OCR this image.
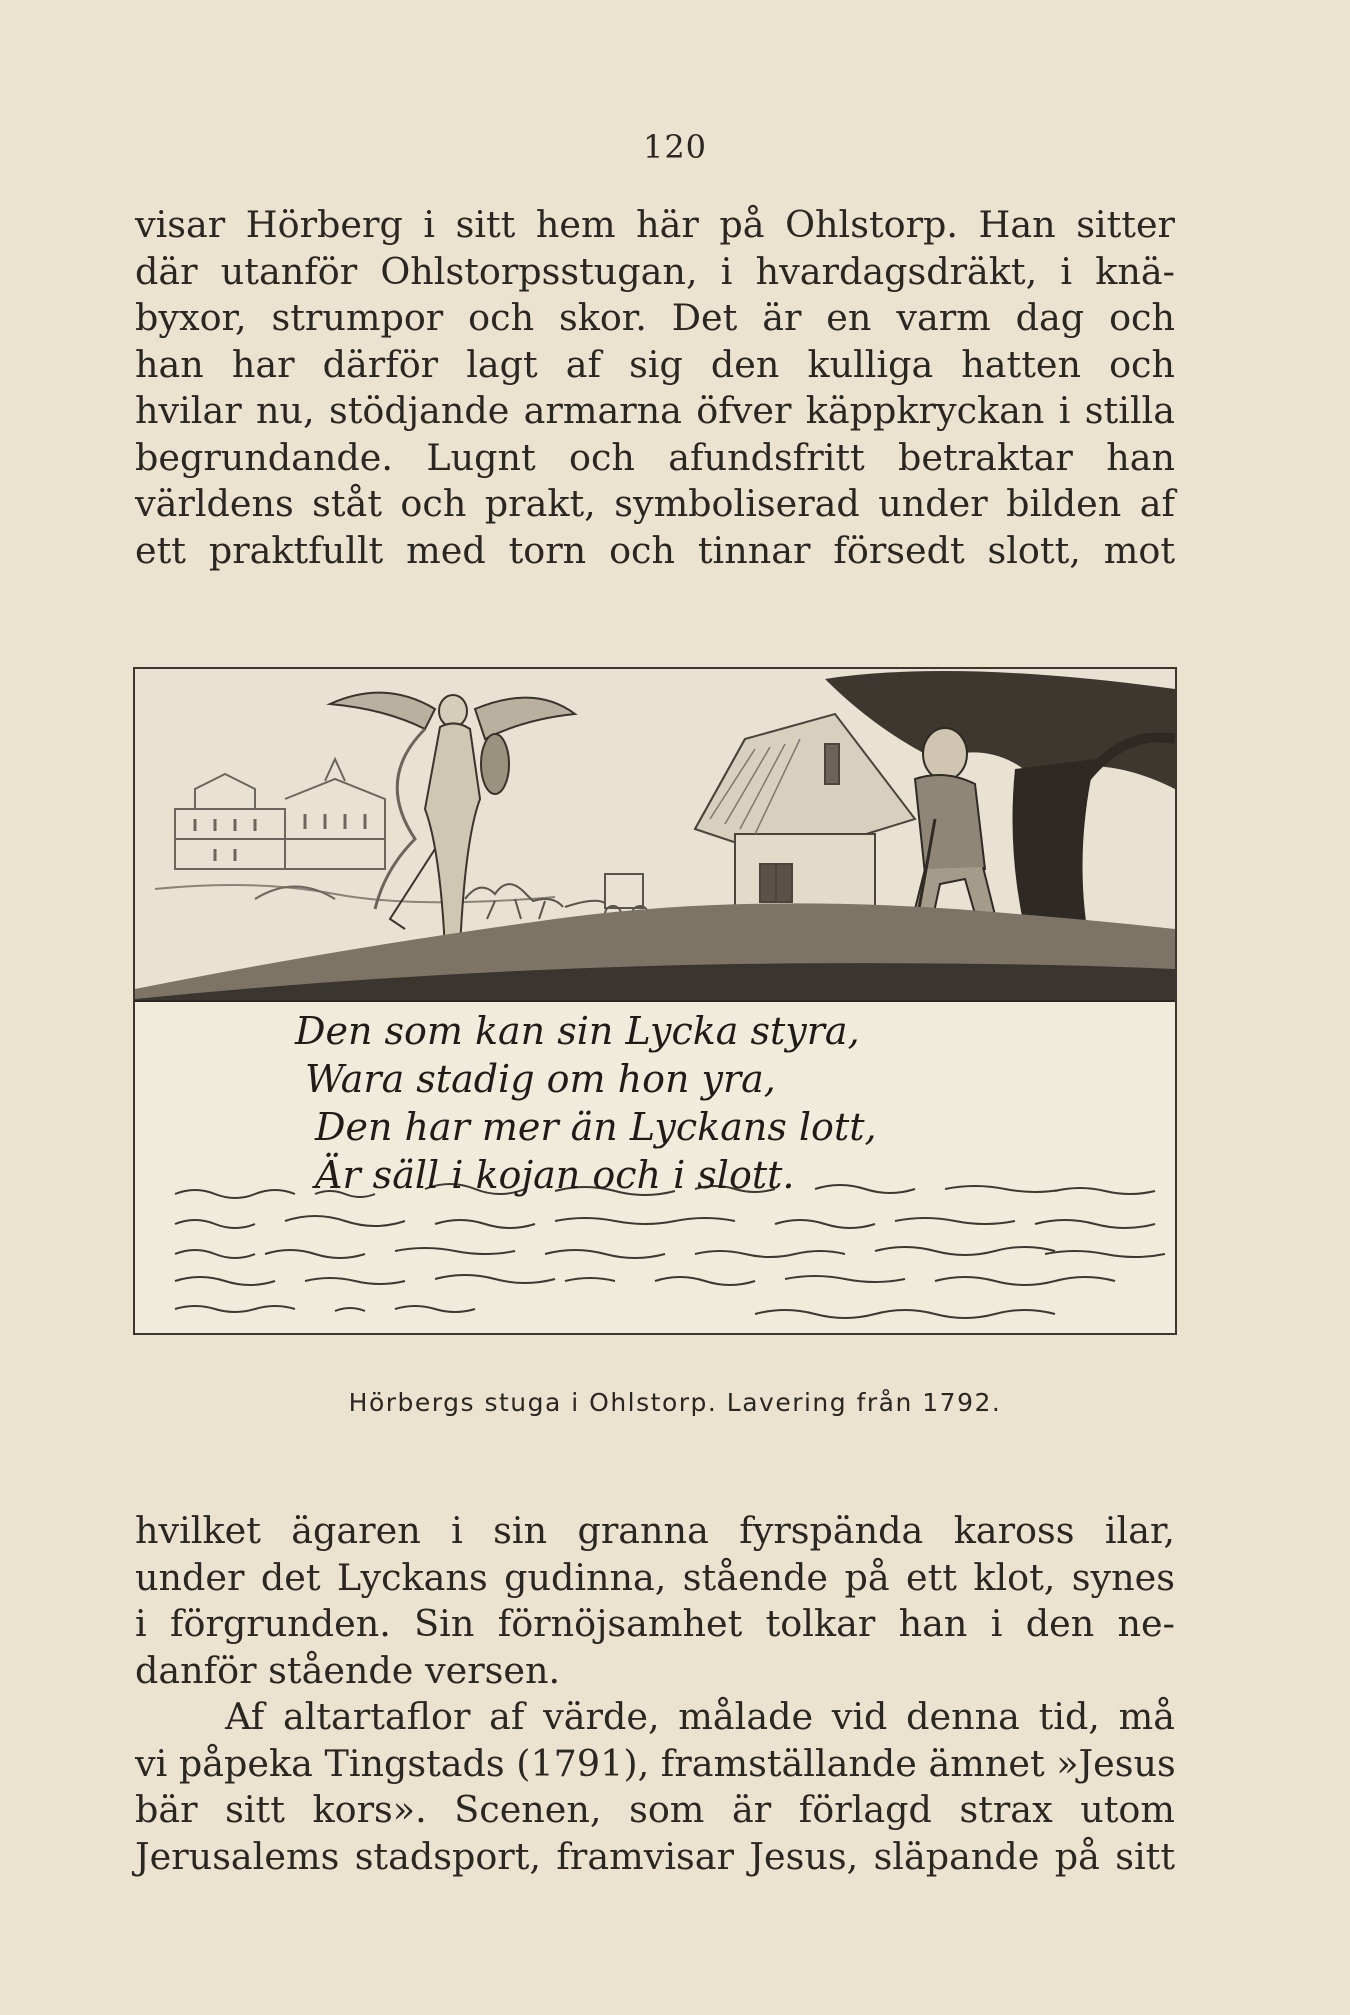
120
visar Hörberg i sitt hem här på Ohlstorp. Han sitter
där utanför Ohlstorpsstugan, i hvardagsdräkt, i knä-
byxor, strumpor och skor. Det är en varm dag och
han har därför lagt af sig den kulliga hatten och
hvilar nu, stödjande armarna öfver käppkryckan i stilla
begrundande. Lugnt och afundsfritt betraktar han
världens ståt och prakt, symboliserad under bilden af
ett praktfullt med torn och tinnar försedt slott, mot
Den som kan sin Lycka styra,
Wara stadig om hon yra,
Den har mer än Lyckans lott,
Är säll i kojan och i slott.
Hörbergs stuga i Ohlstorp. Lavering från 1792.
hvilket ägaren i sin granna fyrspända kaross ilar,
under det Lyckans gudinna, stående på ett klot, synes
i förgrunden. Sin förnöjsamhet tolkar han i den ne-
danför stående versen.
Af altartaflor af värde, målade vid denna tid, må
vi påpeka Tingstads (1791), framställande ämnet »Jesus
bär sitt kors». Scenen, som är förlagd strax utom
Jerusalems stadsport, framvisar Jesus, släpande på sitt
